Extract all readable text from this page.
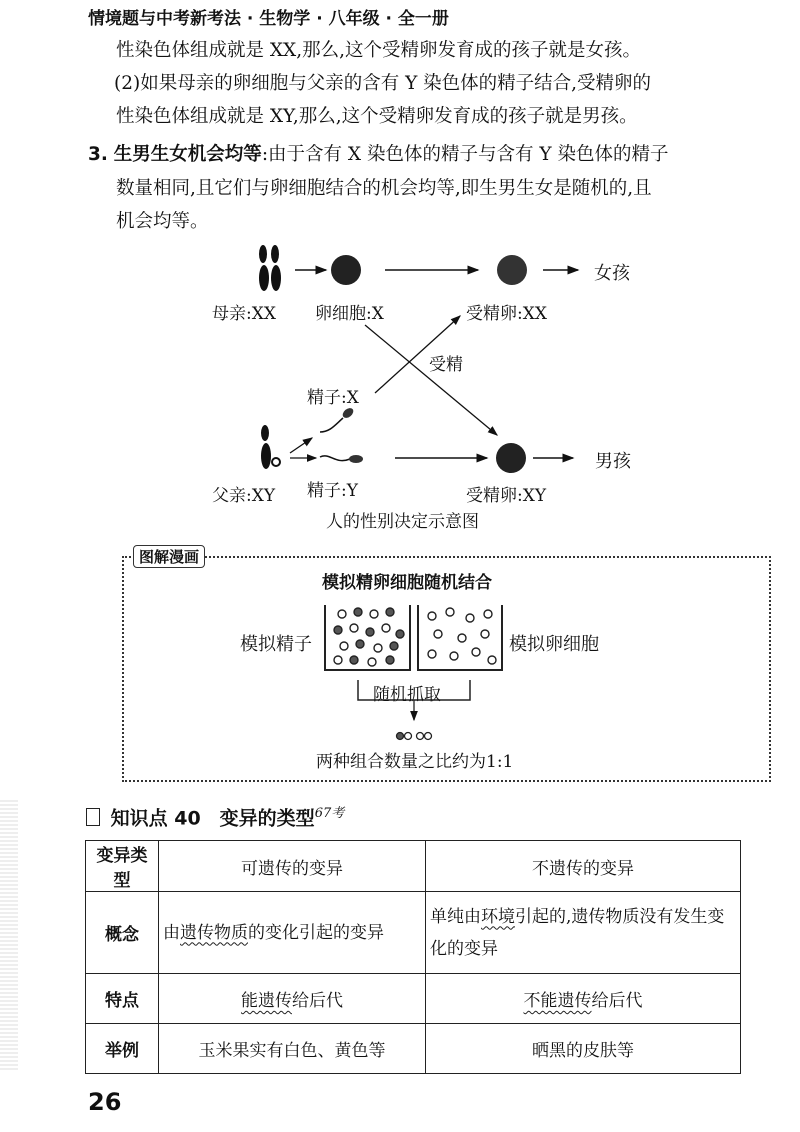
情境题与中考新考法 · 生物学 · 八年级 · 全一册
性染色体组成就是 XX,那么,这个受精卵发育成的孩子就是女孩。
(2)如果母亲的卵细胞与父亲的含有 Y 染色体的精子结合,受精卵的
性染色体组成就是 XY,那么,这个受精卵发育成的孩子就是男孩。
3. 生男生女机会均等:由于含有 X 染色体的精子与含有 Y 染色体的精子
数量相同,且它们与卵细胞结合的机会均等,即生男生女是随机的,且
机会均等。
母亲:XX 卵细胞:X	受精卵:XX
女孩
受精
精子:X
父亲:XY 精子:Y	受精卵:XY
男孩
人的性别决定示意图
图解漫画
模拟精卵细胞随机结合
模拟精子	模拟卵细胞
随机抓取
两种组合数量之比约为1:1
知识点 40　变异的类型$^{67考}$
变异类型	可遗传的变异	不遗传的变异
概念	由遗传物质的变化引起的变异	单纯由环境引起的,遗传物质没有发生变化的变异
特点	能遗传给后代	不能遗传给后代
举例	玉米果实有白色、黄色等	晒黑的皮肤等
26
